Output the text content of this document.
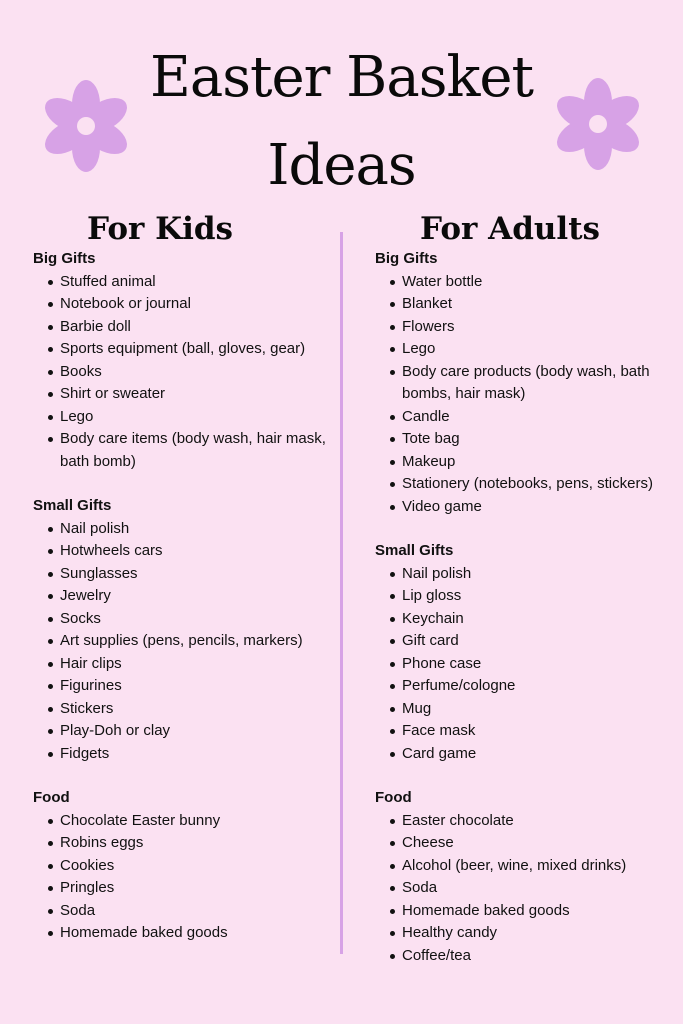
Easter Basket
Ideas
For Kids	For Adults
Big Gifts
Stuffed animal
Notebook or journal
Barbie doll
Sports equipment (ball, gloves, gear)
Books
Shirt or sweater
Lego
Body care items (body wash, hair mask, bath bomb)
Small Gifts
Nail polish
Hotwheels cars
Sunglasses
Jewelry
Socks
Art supplies (pens, pencils, markers)
Hair clips
Figurines
Stickers
Play-Doh or clay
Fidgets
Food
Chocolate Easter bunny
Robins eggs
Cookies
Pringles
Soda
Homemade baked goods
Big Gifts
Water bottle
Blanket
Flowers
Lego
Body care products (body wash, bath bombs, hair mask)
Candle
Tote bag
Makeup
Stationery (notebooks, pens, stickers)
Video game
Small Gifts
Nail polish
Lip gloss
Keychain
Gift card
Phone case
Perfume/cologne
Mug
Face mask
Card game
Food
Easter chocolate
Cheese
Alcohol (beer, wine, mixed drinks)
Soda
Homemade baked goods
Healthy candy
Coffee/tea
